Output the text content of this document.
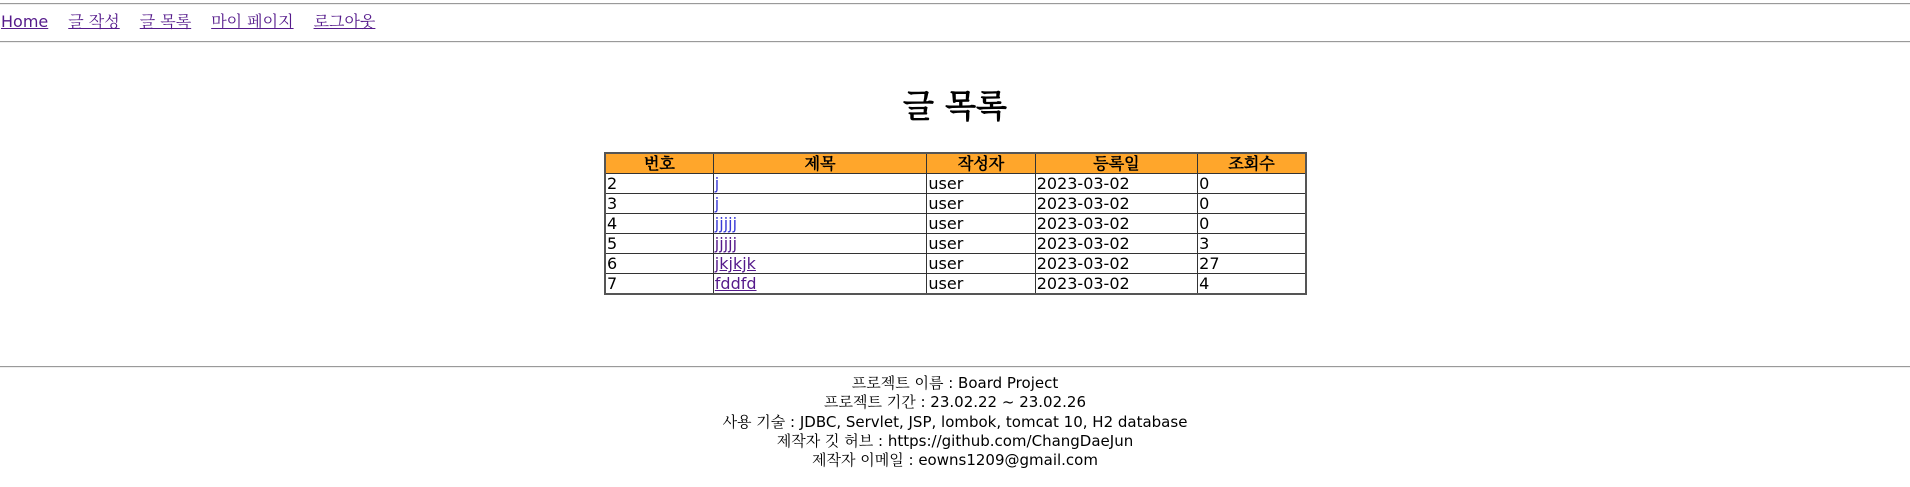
Home 글 작성 글 목록 마이 페이지 로그아웃
글 목록
번호	제목	작성자	등록일	조회수
2	j	user	2023-03-02	0
3	j	user	2023-03-02	0
4	jjjjj	user	2023-03-02	0
5	jjjjj	user	2023-03-02	3
6	jkjkjk	user	2023-03-02	27
7	fddfd	user	2023-03-02	4
프로젝트 이름 : Board Project
프로젝트 기간 : 23.02.22 ~ 23.02.26
사용 기술 : JDBC, Servlet, JSP, lombok, tomcat 10, H2 database
제작자 깃 허브 : https://github.com/ChangDaeJun
제작자 이메일 : eowns1209@gmail.com
